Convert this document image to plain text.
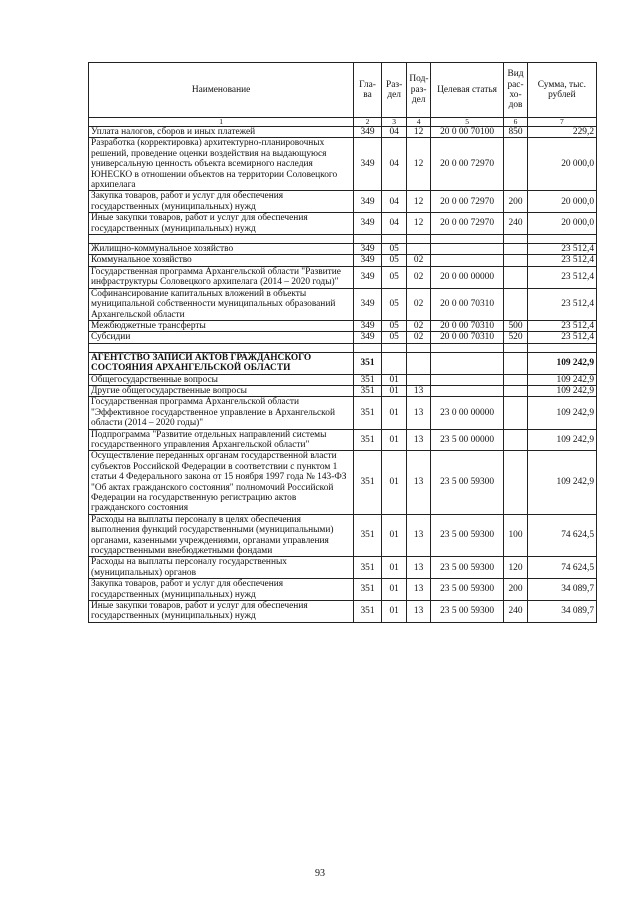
Наименование	Гла-ва	Раз-дел	Под-раз-дел	Целевая статья	Вид рас-хо-дов	Сумма, тыс. рублей
1	2	3	4	5	6	7
Уплата налогов, сборов и иных платежей	349	04	12	20 0 00 70100	850	229,2
Разработка (корректировка) архитектурно-планировочных решений, проведение оценки воздействия на выдающуюся универсальную ценность объекта всемирного наследия ЮНЕСКО в отношении объектов на территории Соловецкого архипелага	349	04	12	20 0 00 72970		20 000,0
Закупка товаров, работ и услуг для обеспечения государственных (муниципальных) нужд	349	04	12	20 0 00 72970	200	20 000,0
Иные закупки товаров, работ и услуг для обеспечения государственных (муниципальных) нужд	349	04	12	20 0 00 72970	240	20 000,0

Жилищно-коммунальное хозяйство	349	05				23 512,4
Коммунальное хозяйство	349	05	02			23 512,4
Государственная программа Архангельской области "Развитие инфраструктуры Соловецкого архипелага (2014 – 2020 годы)"	349	05	02	20 0 00 00000		23 512,4
Софинансирование капитальных вложений в объекты муниципальной собственности муниципальных образований Архангельской области	349	05	02	20 0 00 70310		23 512,4
Межбюджетные трансферты	349	05	02	20 0 00 70310	500	23 512,4
Субсидии	349	05	02	20 0 00 70310	520	23 512,4

АГЕНТСТВО ЗАПИСИ АКТОВ ГРАЖДАНСКОГО СОСТОЯНИЯ АРХАНГЕЛЬСКОЙ ОБЛАСТИ	351					109 242,9
Общегосударственные вопросы	351	01				109 242,9
Другие общегосударственные вопросы	351	01	13			109 242,9
Государственная программа Архангельской области "Эффективное государственное управление в Архангельской области (2014 – 2020 годы)"	351	01	13	23 0 00 00000		109 242,9
Подпрограмма "Развитие отдельных направлений системы государственного управления Архангельской области"	351	01	13	23 5 00 00000		109 242,9
Осуществление переданных органам государственной власти субъектов Российской Федерации в соответствии с пунктом 1 статьи 4 Федерального закона от 15 ноября 1997 года № 143-ФЗ "Об актах гражданского состояния" полномочий Российской Федерации на государственную регистрацию актов гражданского состояния	351	01	13	23 5 00 59300		109 242,9
Расходы на выплаты персоналу в целях обеспечения выполнения функций государственными (муниципальными) органами, казенными учреждениями, органами управления государственными внебюджетными фондами	351	01	13	23 5 00 59300	100	74 624,5
Расходы на выплаты персоналу государственных (муниципальных) органов	351	01	13	23 5 00 59300	120	74 624,5
Закупка товаров, работ и услуг для обеспечения государственных (муниципальных) нужд	351	01	13	23 5 00 59300	200	34 089,7
Иные закупки товаров, работ и услуг для обеспечения государственных (муниципальных) нужд	351	01	13	23 5 00 59300	240	34 089,7
93
